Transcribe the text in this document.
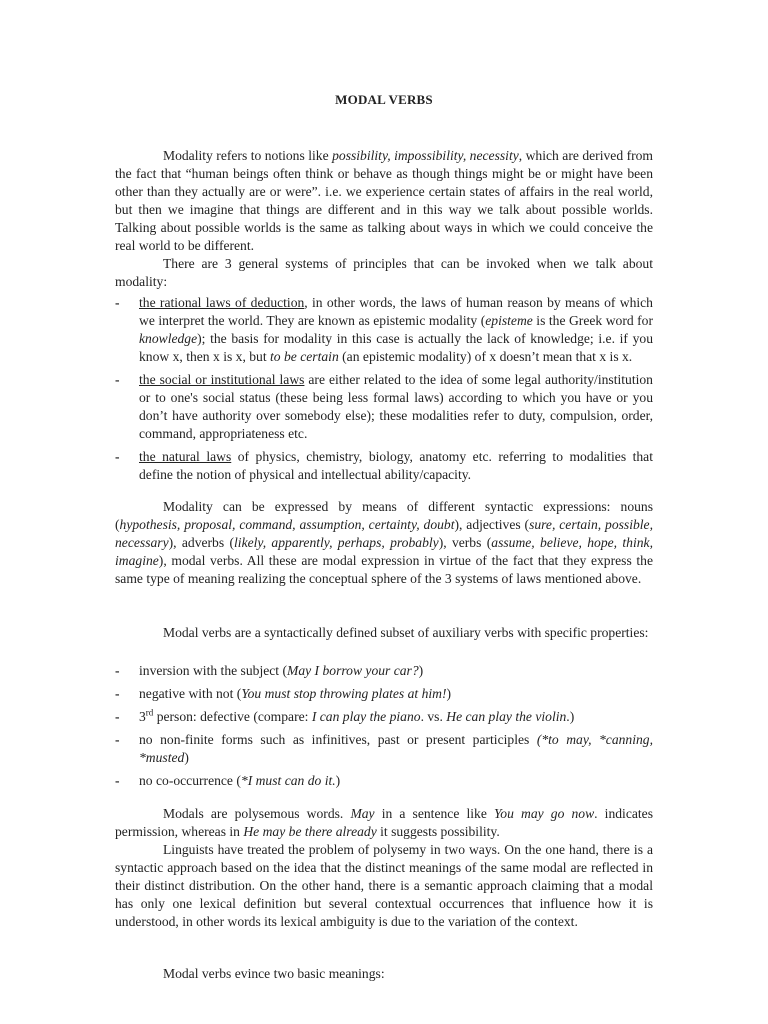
MODAL VERBS

Modality refers to notions like possibility, impossibility, necessity, which are derived from the fact that “human beings often think or behave as though things might be or might have been other than they actually are or were”. i.e. we experience certain states of affairs in the real world, but then we imagine that things are different and in this way we talk about possible worlds. Talking about possible worlds is the same as talking about ways in which we could conceive the real world to be different.

There are 3 general systems of principles that can be invoked when we talk about modality:

- the rational laws of deduction, in other words, the laws of human reason by means of which we interpret the world. They are known as epistemic modality (episteme is the Greek word for knowledge); the basis for modality in this case is actually the lack of knowledge; i.e. if you know x, then x is x, but to be certain (an epistemic modality) of x doesn’t mean that x is x.
- the social or institutional laws are either related to the idea of some legal authority/institution or to one's social status (these being less formal laws) according to which you have or you don’t have authority over somebody else); these modalities refer to duty, compulsion, order, command, appropriateness etc.
- the natural laws of physics, chemistry, biology, anatomy etc. referring to modalities that define the notion of physical and intellectual ability/capacity.

Modality can be expressed by means of different syntactic expressions: nouns (hypothesis, proposal, command, assumption, certainty, doubt), adjectives (sure, certain, possible, necessary), adverbs (likely, apparently, perhaps, probably), verbs (assume, believe, hope, think, imagine), modal verbs. All these are modal expression in virtue of the fact that they express the same type of meaning realizing the conceptual sphere of the 3 systems of laws mentioned above.

Modal verbs are a syntactically defined subset of auxiliary verbs with specific properties:

- inversion with the subject (May I borrow your car?)
- negative with not (You must stop throwing plates at him!)
- 3rd person: defective (compare: I can play the piano. vs. He can play the violin.)
- no non-finite forms such as infinitives, past or present participles (*to may, *canning, *musted)
- no co-occurrence (*I must can do it.)

Modals are polysemous words. May in a sentence like You may go now. indicates permission, whereas in He may be there already it suggests possibility.

Linguists have treated the problem of polysemy in two ways. On the one hand, there is a syntactic approach based on the idea that the distinct meanings of the same modal are reflected in their distinct distribution. On the other hand, there is a semantic approach claiming that a modal has only one lexical definition but several contextual occurrences that influence how it is understood, in other words its lexical ambiguity is due to the variation of the context.

Modal verbs evince two basic meanings:
